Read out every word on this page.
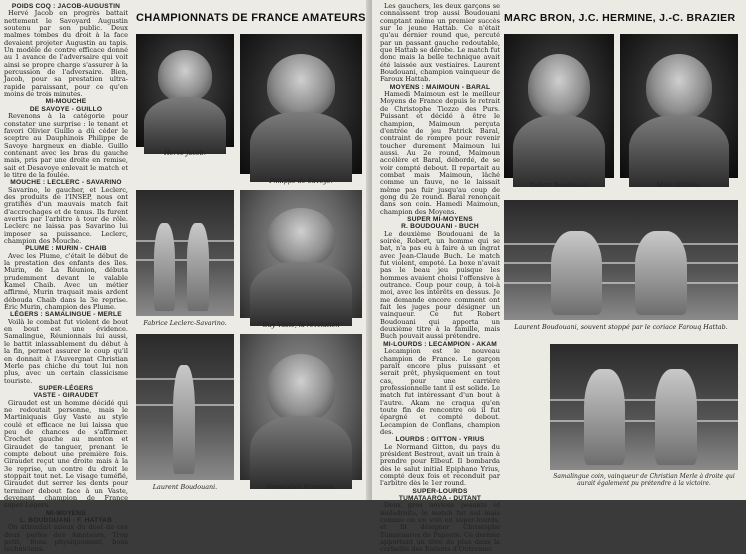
POIDS COQ : JACOB-AUGUSTIN

Hervé Jacob en progrès battait nettement le Savoyard Augustin soutenu par son public. Deux malmes tombes du droit à la face devaient projeter Augustin au tapis. Un modèle de contre efficace donné au 1 avance de l'adversaire qui voit ainsi se propre charge s'assurer à la percussion de l'adversaire. Bien, Jacob, pour sa prestation ultra-rapide paraissant, pour ce qu'en moins de trois minutes.

MI-MOUCHE

DE SAVOYE - GUILLO

Revenons à la catégorie pour constater une surprise : le tenant et favori Olivier Guillo a dû céder le sceptre au Dauphinois Philippe de Savoye hargneux en diable. Guillo contenant avec les bras du gauche mais, pris par une droite en remise, sait et Desavoye enlevait le match et le titre de la foulée.

MOUCHE : LECLERC - SAVARINO

Savarino, le gaucher, et Leclerc, des produits de l'INSEP, nous ont gratifiés d'un mauvais match fait d'accrochages et de tenus. Ils furent avertis par l'arbitre à tour de rôle. Leclerc ne laissa pas Savarino lui imposer sa puissance. Leclerc, champion des Mouche.

PLUME : MURIN - CHAIB

Avec les Plume, c'était le début de la prestation des enfants des îles. Murin, de La Réunion, débuta prudemment devant le valable Kamel Chaib. Avec un métier affirmé, Murin traquait mais ardent débouda Chaib dans la 3e reprise. Éric Murin, champion des Plume.

LÉGERS : SAMALINGUE - MERLE

Voilà le combat fut violent de bout en bout est une évidence. Samalingue, Réunionnais lui aussi, le battit inlassablement du début à la fin, permet assurer le coup qu'il en donnait à l'Auvergnat Christian Merle pas chiche du tout lui non plus, avec un certain classicisme touriste.

SUPER-LÉGERS

VASTE - GIRAUDET

Giraudet est un homme décidé qui ne redoutait personne, mais le Martiniquais Guy Vaste au style coulé et efficace ne lui laissa que peu de chances de s'affirmer. Crochet gauche au menton et Giraudet de tanguer, prenant le compte debout une première fois. Giraudet reçut une droite mais à la 3e reprise, un contre du droit le stoppait tout net. Le visage tuméfié, Giraudet dut serrer les dents pour terminer debout face à un Vaste, devenant champion de France super-Légers.

MI-MOYENS

L. BOUDOUANI - F. HATTAB

On attendait mieux du duel de ces deux perles des Amateurs. Trop petit, Bons physiquement, bons techniciens.

CHAMPIONNATS DE FRANCE AMATEURS
Hervé Jacob.
Philippe de Savoye.
Fabrice Leclerc-Savarino.	Guy Vaste, la révélation
Laurent Boudouani.	Hamoudidi Maimoun.

Les gauchers, les deux garçons se connaissent trop aussi Boudouani comptant même un premier succès sur le jeune Hattab. Ce n'était qu'au dernier round que, percuté par un passant gauche redoutable, que Hattab se dérobe. Le match fut donc mais la belle technique avait été laissée aux vestiaires. Laurent Boudouani, champion vainqueur de Faroux Hattab.

MOYENS : MAIMOUN - BARAL

Hamedi Maimoun est le meilleur Moyens de France depuis le retrait de Christophe Tiozzo des Purs. Puissant et décidé à être le champion, Maimoun perçuta d'entrée de jeu Patrick Baral, contraint de rompre pour revenir toucher durement Maimoun lui aussi. Au 2e round, Maimoun accélère et Baral, débordé, de se voir compté debout. Il repartait au combat mais Maimoun, lâché comme un fauve, ne le laissait même pas fuir jusqu'au coup de gong du 2e round. Baral renonçait dans son coin. Hamedi Maimoun, champion des Moyens.

SUPER MI-MOYENS

R. BOUDOUANI - BUCH

Le deuxième Boudouani de la soirée, Robert, un homme qui se bat, n'a pas eu à faire à un ingrat avec Jean-Claude Buch. Le match fut violent, empoté. La boxe n'avait pas le beau jeu puisque les hommes avaient choisi l'offensive à outrance. Coup pour coup, à toi-à moi, avec les intérêts en dessus. Je me demande encore comment ont fait les juges pour désigner un vainqueur. Ce fut Robert Boudouani qui apporta un deuxième titre à la famille, mais Buch pouvait aussi prétendre.

MI-LOURDS : LECAMPION - AKAM

Lecampion est le nouveau champion de France. Le garçon paraît encore plus puissant et serait prêt, physiquement en tout cas, pour une carrière professionnelle tant il est solide. Le match fut intéressant d'un bout à l'autre. Akam ne craqua qu'en toute fin de rencontre où il fut épargné et compté debout. Lecampion de Conflans, champion des.

LOURDS : GITTON - YRIUS

Le Normand Gitton, du pays du président Bestrout, avait un train à prendre pour Elbeuf. Il bombarda dès le salut initial Epiphano Yrius, compté deux fois et reconduit par l'arbitre dès le 1er round.

SUPER-LOURDS

TUMATAAROA - DUTANT

Deux gros novices pesants et maladroits, le match fut nul mais comme on en voit en super-lourds, et fit désigner Christophe Tumataaroa de Papeete. Ce dernier apportant un titre de plus dans la corbeille des Enfants d'Outremer.

MARC BRON, J.C. HERMINE, J.-C. BRAZIER
Robert Boudouani	Marc Gittons.
Laurent Boudouani, souvent stoppé par le coriace Farouq Hattab.
Samalingue coin, vainqueur de Christian Merle à droite qui aurait également pu prétendre à la victoire.
